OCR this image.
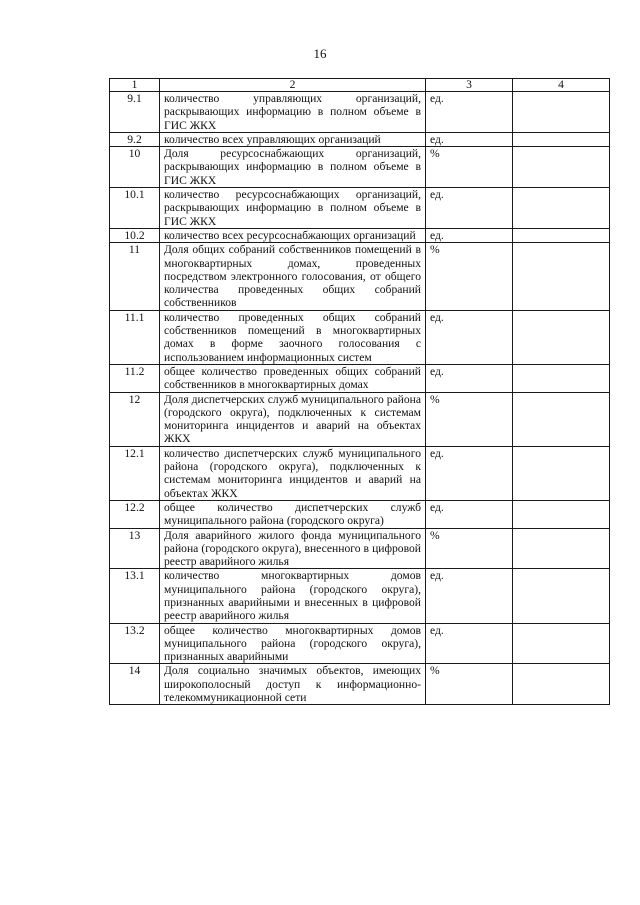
16
1	2	3	4
9.1	количество управляющих организаций, раскрывающих информацию в полном объеме в ГИС ЖКХ	ед.	
9.2	количество всех управляющих организаций	ед.	
10	Доля ресурсоснабжающих организаций, раскрывающих информацию в полном объеме в ГИС ЖКХ	%	
10.1	количество ресурсоснабжающих организаций, раскрывающих информацию в полном объеме в ГИС ЖКХ	ед.	
10.2	количество всех ресурсоснабжающих организаций	ед.	
11	Доля общих собраний собственников помещений в многоквартирных домах, проведенных посредством электронного голосования, от общего количества проведенных общих собраний собственников	%	
11.1	количество проведенных общих собраний собственников помещений в многоквартирных домах в форме заочного голосования с использованием информационных систем	ед.	
11.2	общее количество проведенных общих собраний собственников в многоквартирных домах	ед.	
12	Доля диспетчерских служб муниципального района (городского округа), подключенных к системам мониторинга инцидентов и аварий на объектах ЖКХ	%	
12.1	количество диспетчерских служб муниципального района (городского округа), подключенных к системам мониторинга инцидентов и аварий на объектах ЖКХ	ед.	
12.2	общее количество диспетчерских служб муниципального района (городского округа)	ед.	
13	Доля аварийного жилого фонда муниципального района (городского округа), внесенного в цифровой реестр аварийного жилья	%	
13.1	количество многоквартирных домов муниципального района (городского округа), признанных аварийными и внесенных в цифровой реестр аварийного жилья	ед.	
13.2	общее количество многоквартирных домов муниципального района (городского округа), признанных аварийными	ед.	
14	Доля социально значимых объектов, имеющих широкополосный доступ к информационно-телекоммуникационной сети	%	
